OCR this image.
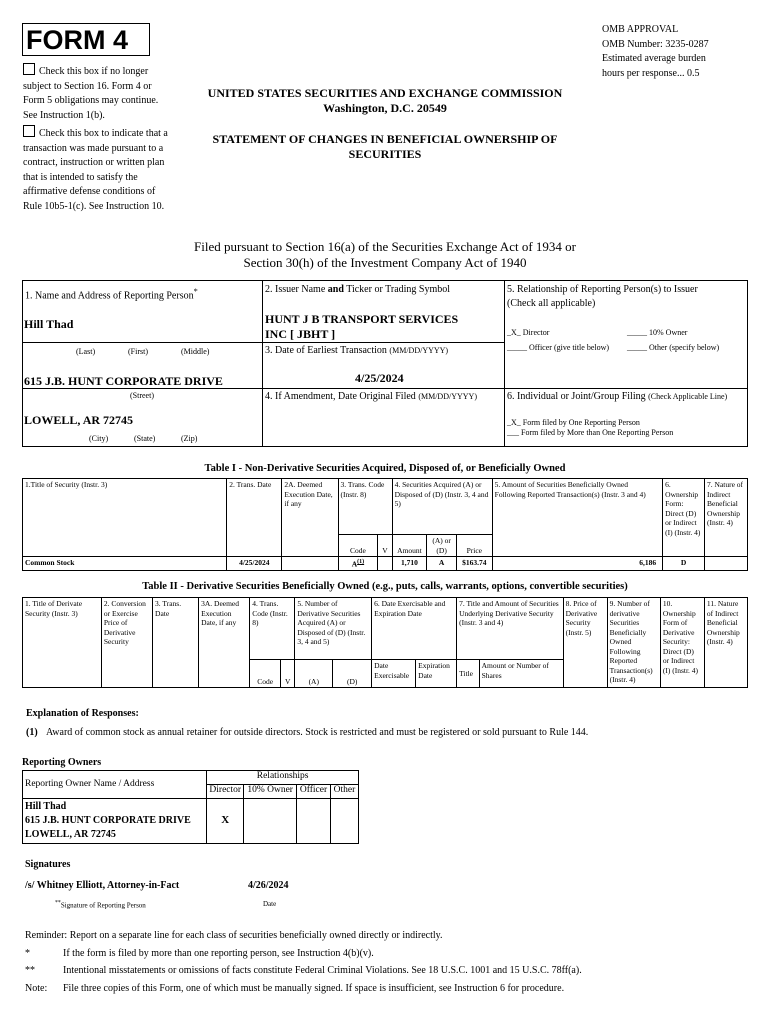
FORM 4
Check this box if no longer subject to Section 16. Form 4 or Form 5 obligations may continue. See Instruction 1(b).
Check this box to indicate that a transaction was made pursuant to a contract, instruction or written plan that is intended to satisfy the affirmative defense conditions of Rule 10b5-1(c). See Instruction 10.
OMB APPROVAL
OMB Number: 3235-0287
Estimated average burden
hours per response... 0.5
UNITED STATES SECURITIES AND EXCHANGE COMMISSION
Washington, D.C. 20549
STATEMENT OF CHANGES IN BENEFICIAL OWNERSHIP OF
SECURITIES
Filed pursuant to Section 16(a) of the Securities Exchange Act of 1934 or
Section 30(h) of the Investment Company Act of 1940
1. Name and Address of Reporting Person*
Hill Thad
(Last)	(First)	(Middle)
615 J.B. HUNT CORPORATE DRIVE
(Street)
LOWELL, AR 72745
(City)	(State)	(Zip)
2. Issuer Name and Ticker or Trading Symbol
HUNT J B TRANSPORT SERVICES
INC [ JBHT ]
3. Date of Earliest Transaction (MM/DD/YYYY)
4/25/2024
4. If Amendment, Date Original Filed (MM/DD/YYYY)
5. Relationship of Reporting Person(s) to Issuer
(Check all applicable)
_X_ Director	_____ 10% Owner
_____ Officer (give title below) _____ Other (specify below)
6. Individual or Joint/Group Filing (Check Applicable Line)
_X_ Form filed by One Reporting Person
___ Form filed by More than One Reporting Person
Table I - Non-Derivative Securities Acquired, Disposed of, or Beneficially Owned
1.Title of Security (Instr. 3)	2. Trans. Date	2A. Deemed Execution Date, if any	3. Trans. Code (Instr. 8)		4. Securities Acquired (A) or Disposed of (D) (Instr. 3, 4 and 5)			5. Amount of Securities Beneficially Owned Following Reported Transaction(s) (Instr. 3 and 4)	6. Ownership Form: Direct (D) or Indirect (I) (Instr. 4)	7. Nature of Indirect Beneficial Ownership (Instr. 4)
			Code	V	Amount	(A) or (D)	Price			
Common Stock	4/25/2024		$A^{(1)}$		1,710	A	$163.74	6,186	D	
Table II - Derivative Securities Beneficially Owned (e.g., puts, calls, warrants, options, convertible securities)
1. Title of Derivate Security (Instr. 3)	2. Conversion or Exercise Price of Derivative Security	3. Trans. Date	3A. Deemed Execution Date, if any	4. Trans. Code (Instr. 8)		5. Number of Derivative Securities Acquired (A) or Disposed of (D) (Instr. 3, 4 and 5)		6. Date Exercisable and Expiration Date		7. Title and Amount of Securities Underlying Derivative Security (Instr. 3 and 4)		8. Price of Derivative Security (Instr. 5)	9. Number of derivative Securities Beneficially Owned Following Reported Transaction(s) (Instr. 4)	10. Ownership Form of Derivative Security: Direct (D) or Indirect (I) (Instr. 4)	11. Nature of Indirect Beneficial Ownership (Instr. 4)
				Code	V	(A)	(D)	Date Exercisable	Expiration Date	Title	Amount or Number of Shares				
Explanation of Responses:
(1) Award of common stock as annual retainer for outside directors. Stock is restricted and must be registered or sold pursuant to Rule 144.
Reporting Owners
Reporting Owner Name / Address	Relationships			
	Director	10% Owner	Officer	Other

Hill Thad
615 J.B. HUNT CORPORATE DRIVE
LOWELL, AR 72745	X			
Signatures
/s/ Whitney Elliott, Attorney-in-Fact	4/26/2024
**Signature of Reporting Person	Date
Reminder: Report on a separate line for each class of securities beneficially owned directly or indirectly.
*	If the form is filed by more than one reporting person, see Instruction 4(b)(v).
**	Intentional misstatements or omissions of facts constitute Federal Criminal Violations. See 18 U.S.C. 1001 and 15 U.S.C. 78ff(a).
Note: File three copies of this Form, one of which must be manually signed. If space is insufficient, see Instruction 6 for procedure.
